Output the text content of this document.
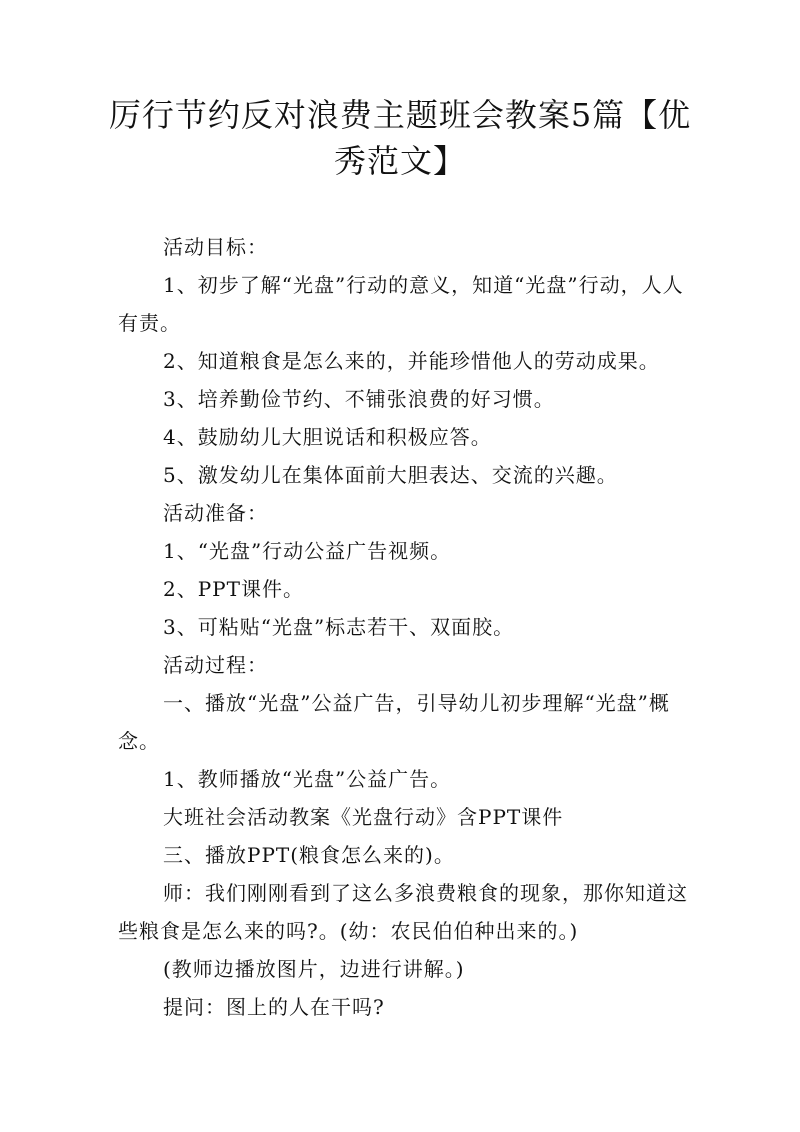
厉行节约反对浪费主题班会教案5篇【优秀范文】

活动目标：

1、初步了解“光盘”行动的意义，知道“光盘”行动，人人有责。

2、知道粮食是怎么来的，并能珍惜他人的劳动成果。

3、培养勤俭节约、不铺张浪费的好习惯。

4、鼓励幼儿大胆说话和积极应答。

5、激发幼儿在集体面前大胆表达、交流的兴趣。

活动准备：

1、“光盘”行动公益广告视频。

2、PPT课件。

3、可粘贴“光盘”标志若干、双面胶。

活动过程：

一、播放“光盘”公益广告，引导幼儿初步理解“光盘”概念。

1、教师播放“光盘”公益广告。

大班社会活动教案《光盘行动》含PPT课件

三、播放PPT(粮食怎么来的)。

师：我们刚刚看到了这么多浪费粮食的现象，那你知道这些粮食是怎么来的吗?。(幼：农民伯伯种出来的。)

(教师边播放图片，边进行讲解。)

提问：图上的人在干吗?
